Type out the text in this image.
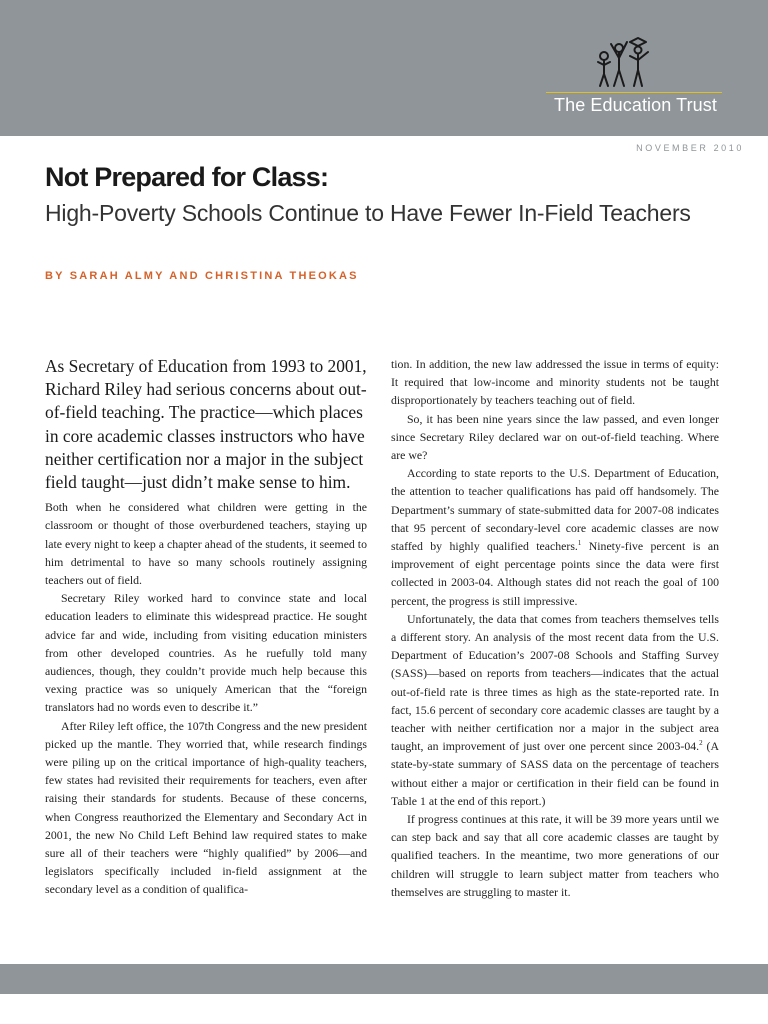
The Education Trust
NOVEMBER 2010
Not Prepared for Class:
High-Poverty Schools Continue to Have Fewer In-Field Teachers
BY SARAH ALMY AND CHRISTINA THEOKAS

As Secretary of Education from 1993 to 2001, Richard Riley had serious concerns about out-of-field teaching. The practice—which places in core academic classes instructors who have neither certification nor a major in the subject field taught—just didn’t make sense to him.

Both when he considered what children were getting in the classroom or thought of those overburdened teachers, staying up late every night to keep a chapter ahead of the students, it seemed to him detrimental to have so many schools routinely assigning teachers out of field.

Secretary Riley worked hard to convince state and local education leaders to eliminate this widespread practice. He sought advice far and wide, including from visiting education ministers from other developed countries. As he ruefully told many audiences, though, they couldn’t provide much help because this vexing practice was so uniquely American that the “foreign translators had no words even to describe it.”

After Riley left office, the 107th Congress and the new president picked up the mantle. They worried that, while research findings were piling up on the critical importance of high-quality teachers, few states had revisited their requirements for teachers, even after raising their standards for students. Because of these concerns, when Congress reauthorized the Elementary and Secondary Act in 2001, the new No Child Left Behind law required states to make sure all of their teachers were “highly qualified” by 2006—and legislators specifically included in-field assignment at the secondary level as a condition of qualifica-

tion. In addition, the new law addressed the issue in terms of equity: It required that low-income and minority students not be taught disproportionately by teachers teaching out of field.

So, it has been nine years since the law passed, and even longer since Secretary Riley declared war on out-of-field teaching. Where are we?

According to state reports to the U.S. Department of Education, the attention to teacher qualifications has paid off handsomely. The Department’s summary of state-submitted data for 2007-08 indicates that 95 percent of secondary-level core academic classes are now staffed by highly qualified teachers.$^1$ Ninety-five percent is an improvement of eight percentage points since the data were first collected in 2003-04. Although states did not reach the goal of 100 percent, the progress is still impressive.

Unfortunately, the data that comes from teachers themselves tells a different story. An analysis of the most recent data from the U.S. Department of Education’s 2007-08 Schools and Staffing Survey (SASS)—based on reports from teachers—indicates that the actual out-of-field rate is three times as high as the state-reported rate. In fact, 15.6 percent of secondary core academic classes are taught by a teacher with neither certification nor a major in the subject area taught, an improvement of just over one percent since 2003-04.$^2$ (A state-by-state summary of SASS data on the percentage of teachers without either a major or certification in their field can be found in Table 1 at the end of this report.)

If progress continues at this rate, it will be 39 more years until we can step back and say that all core academic classes are taught by qualified teachers. In the meantime, two more generations of our children will struggle to learn subject matter from teachers who themselves are struggling to master it.
